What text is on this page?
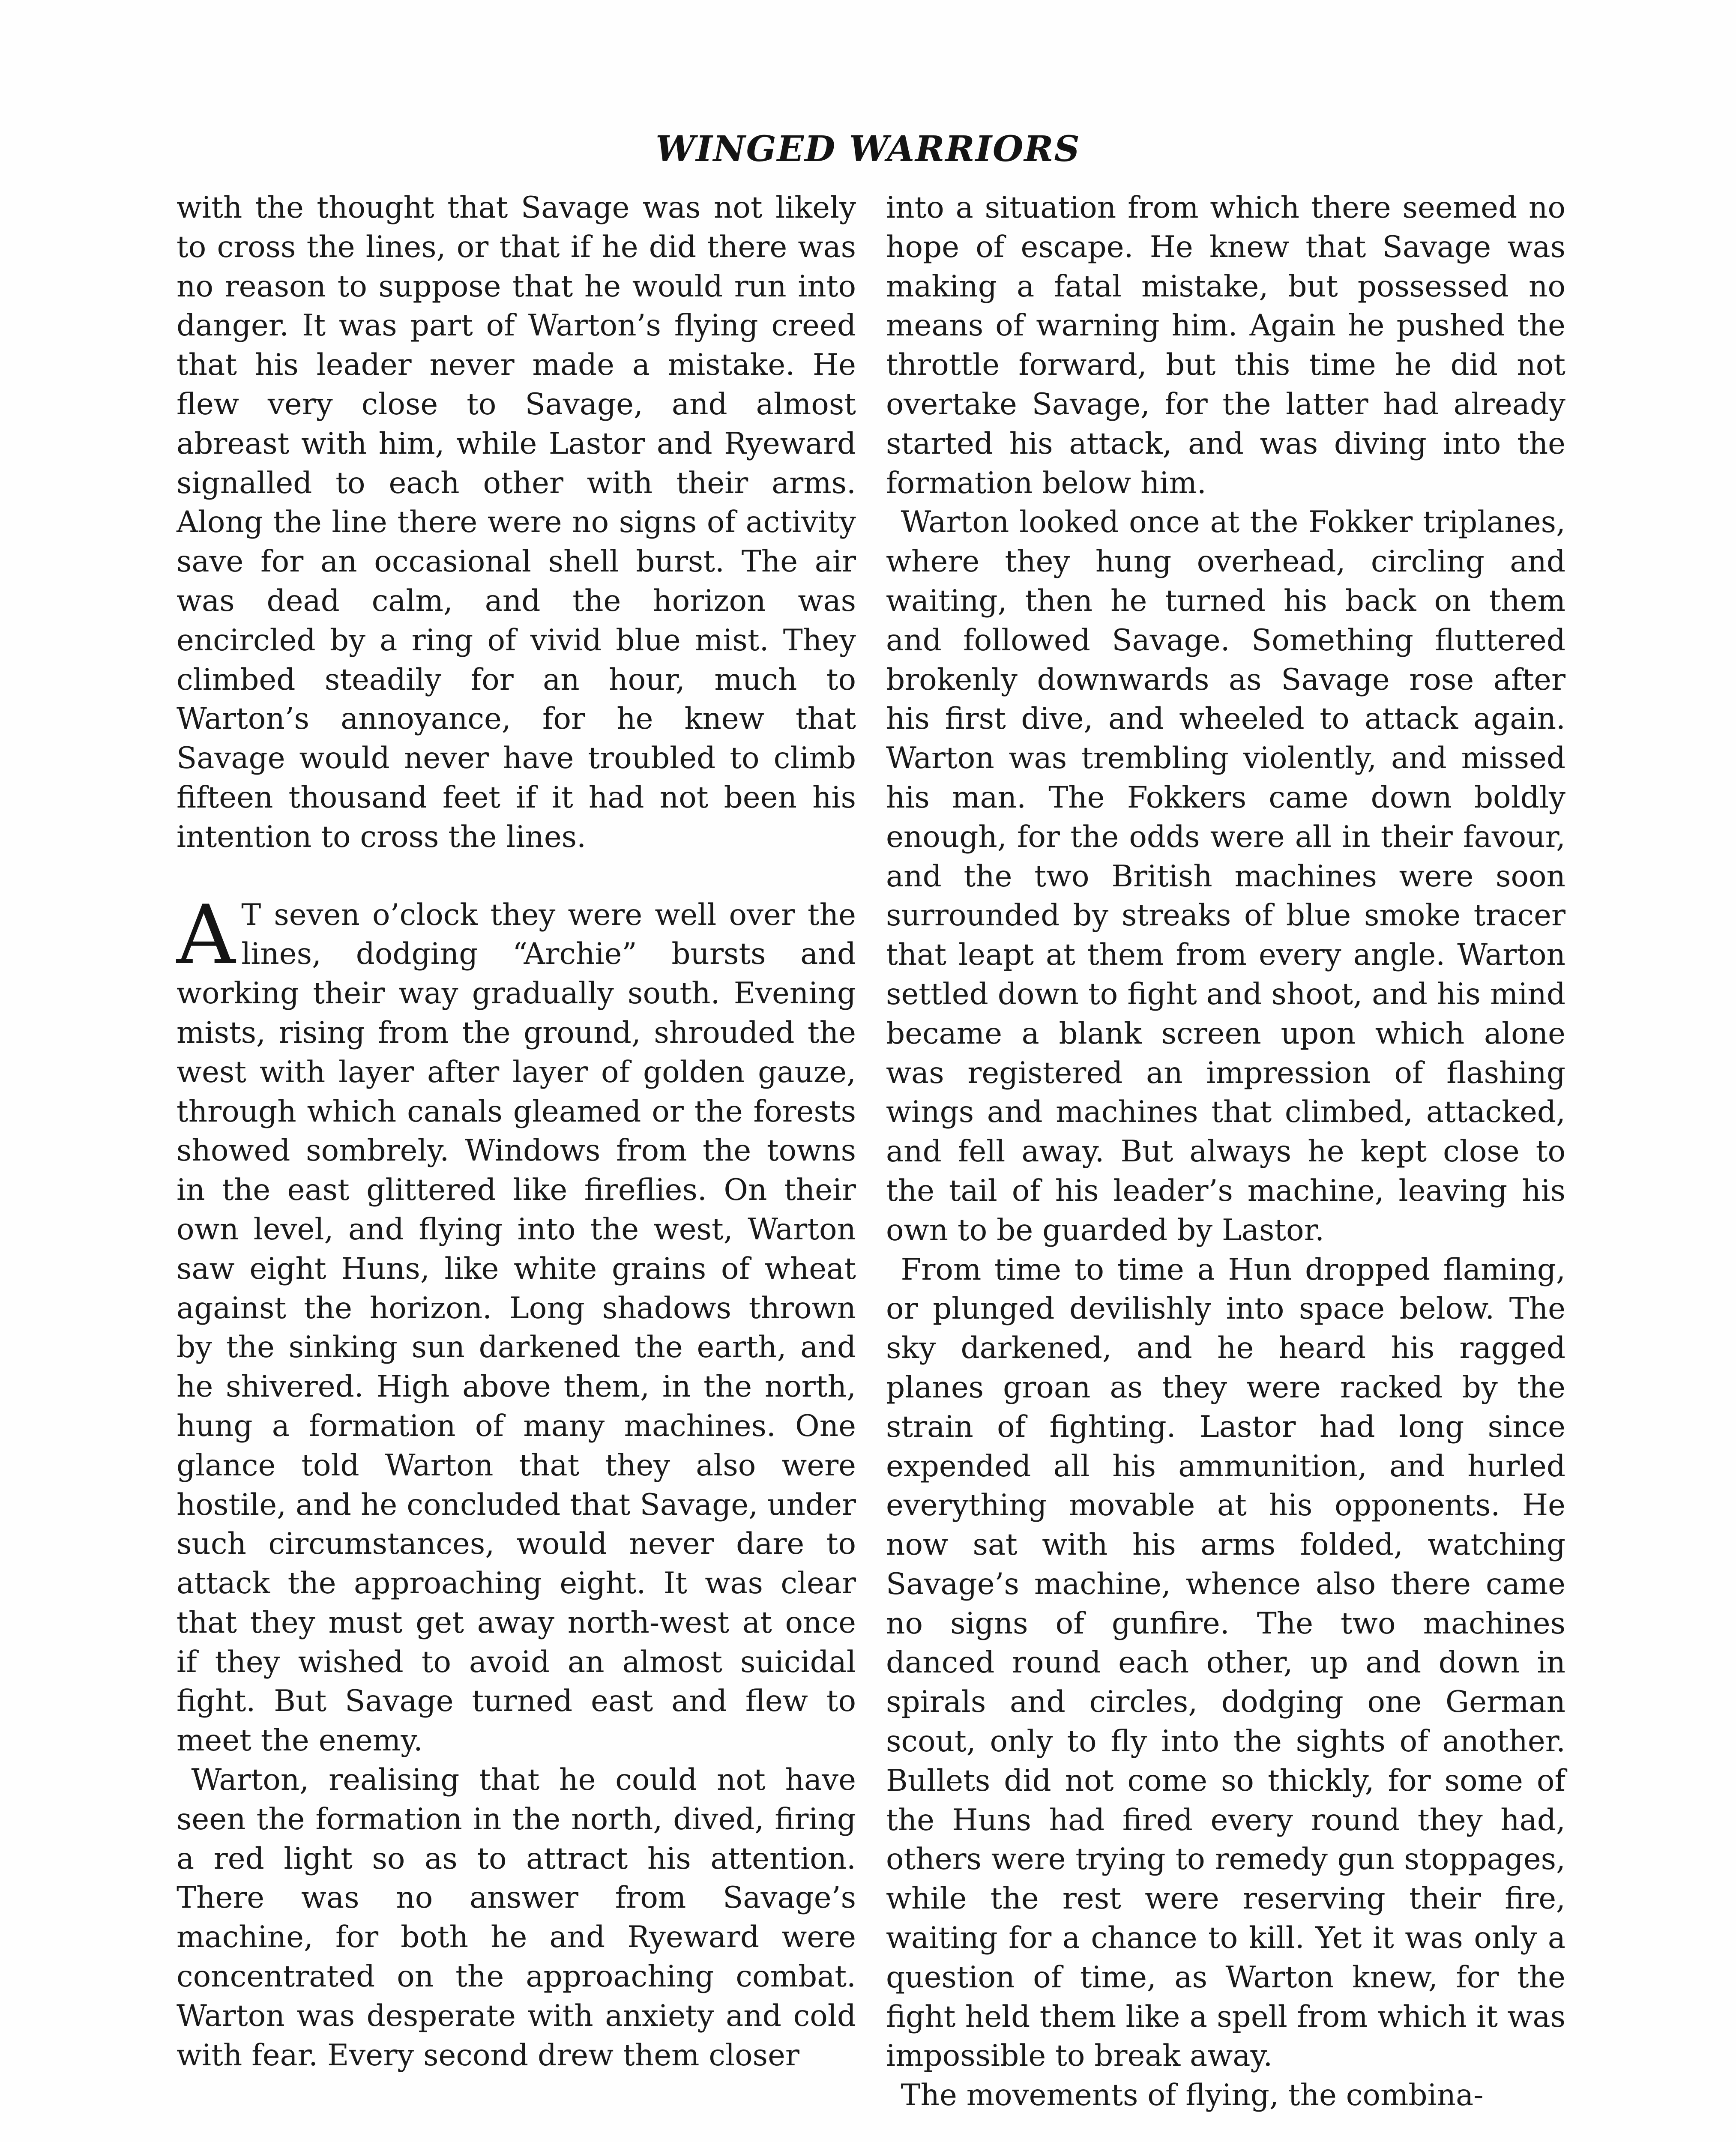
WINGED WARRIORS

with the thought that Savage was not likely to cross the lines, or that if he did there was no reason to suppose that he would run into danger. It was part of Warton’s flying creed that his leader never made a mistake. He flew very close to Savage, and almost abreast with him, while Lastor and Ryeward signalled to each other with their arms. Along the line there were no signs of activity save for an occasional shell burst. The air was dead calm, and the horizon was encircled by a ring of vivid blue mist. They climbed steadily for an hour, much to Warton’s annoyance, for he knew that Savage would never have troubled to climb fifteen thousand feet if it had not been his intention to cross the lines.

A T seven o’clock they were well over the lines, dodging “Archie” bursts and working their way gradually south. Evening mists, rising from the ground, shrouded the west with layer after layer of golden gauze, through which canals gleamed or the forests showed sombrely. Windows from the towns in the east glittered like fireflies. On their own level, and flying into the west, Warton saw eight Huns, like white grains of wheat against the horizon. Long shadows thrown by the sinking sun darkened the earth, and he shivered. High above them, in the north, hung a formation of many machines. One glance told Warton that they also were hostile, and he concluded that Savage, under such circumstances, would never dare to attack the approaching eight. It was clear that they must get away north-west at once if they wished to avoid an almost suicidal fight. But Savage turned east and flew to meet the enemy.

Warton, realising that he could not have seen the formation in the north, dived, firing a red light so as to attract his attention. There was no answer from Savage’s machine, for both he and Ryeward were concentrated on the approaching combat. Warton was desperate with anxiety and cold with fear. Every second drew them closer

into a situation from which there seemed no hope of escape. He knew that Savage was making a fatal mistake, but possessed no means of warning him. Again he pushed the throttle forward, but this time he did not overtake Savage, for the latter had already started his attack, and was diving into the formation below him.

Warton looked once at the Fokker triplanes, where they hung overhead, circling and waiting, then he turned his back on them and followed Savage. Something fluttered brokenly downwards as Savage rose after his first dive, and wheeled to attack again. Warton was trembling violently, and missed his man. The Fokkers came down boldly enough, for the odds were all in their favour, and the two British machines were soon surrounded by streaks of blue smoke tracer that leapt at them from every angle. Warton settled down to fight and shoot, and his mind became a blank screen upon which alone was registered an impression of flashing wings and machines that climbed, attacked, and fell away. But always he kept close to the tail of his leader’s machine, leaving his own to be guarded by Lastor.

From time to time a Hun dropped flaming, or plunged devilishly into space below. The sky darkened, and he heard his ragged planes groan as they were racked by the strain of fighting. Lastor had long since expended all his ammunition, and hurled everything movable at his opponents. He now sat with his arms folded, watching Savage’s machine, whence also there came no signs of gunfire. The two machines danced round each other, up and down in spirals and circles, dodging one German scout, only to fly into the sights of another. Bullets did not come so thickly, for some of the Huns had fired every round they had, others were trying to remedy gun stoppages, while the rest were reserving their fire, waiting for a chance to kill. Yet it was only a question of time, as Warton knew, for the fight held them like a spell from which it was impossible to break away.

The movements of flying, the combina-
